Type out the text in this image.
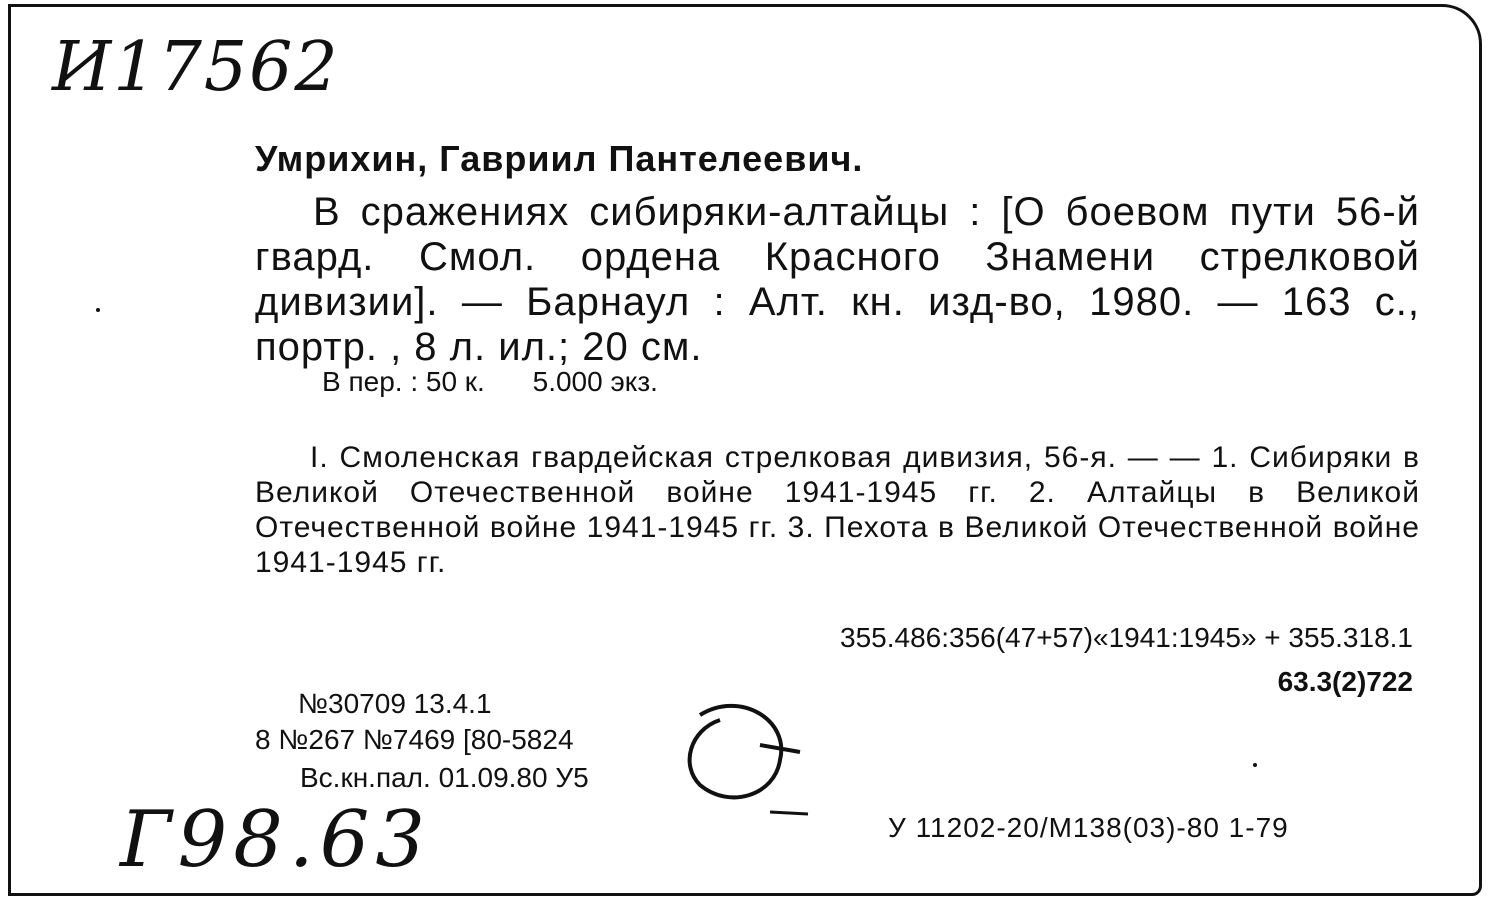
И17562
Умрихин, Гавриил Пантелеевич.
В сражениях сибиряки-алтайцы : [О боевом пути 56-й гвард. Смол. ордена Красного Знамени стрелковой дивизии]. — Барнаул : Алт. кн. изд-во, 1980. — 163 с., портр. , 8 л. ил.; 20 см.
В пер. : 50 к. 5.000 экз.
I. Смоленская гвардейская стрелковая дивизия, 56-я. — — 1. Сибиряки в Великой Отечественной войне 1941-1945 гг. 2. Алтайцы в Великой Отечественной войне 1941-1945 гг. 3. Пехота в Великой Отечественной войне 1941-1945 гг.
355.486:356(47+57)«1941:1945» + 355.318.1
63.3(2)722
№30709 13.4.1
8 №267 №7469 [80-5824
Вс.кн.пал. 01.09.80 У5
У 11202-20/М138(03)-80 1-79
Г98.63
